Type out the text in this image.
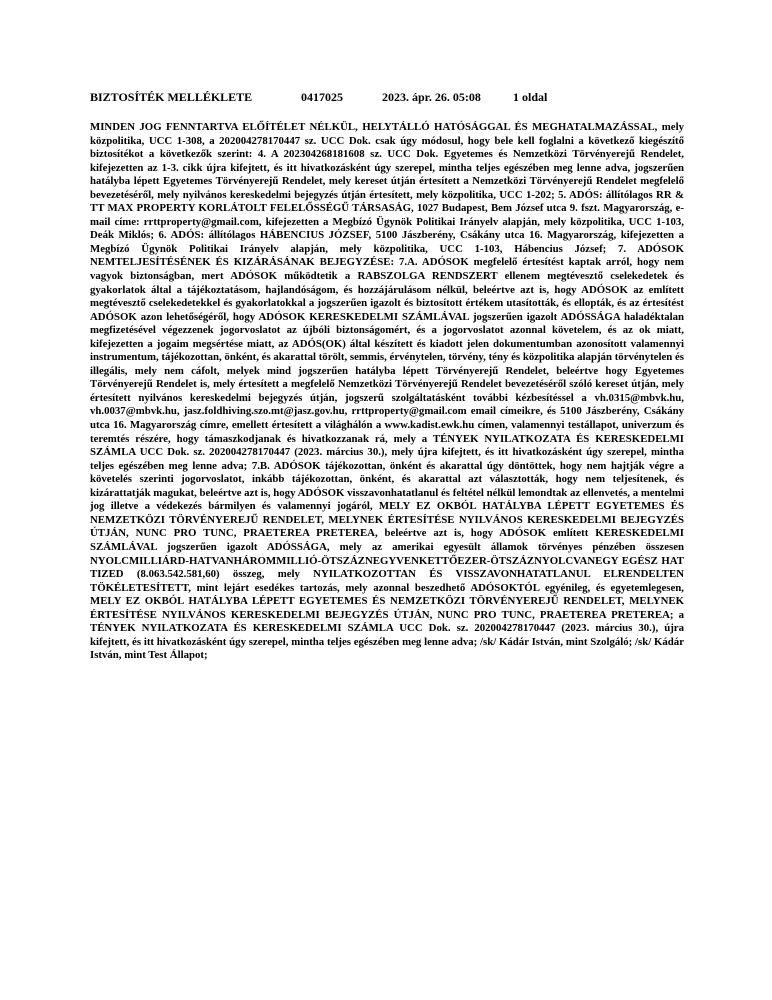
BIZTOSÍTÉK MELLÉKLETE	0417025	2023. ápr. 26. 05:08	1 oldal
MINDEN JOG FENNTARTVA ELŐÍTÉLET NÉLKÜL, HELYTÁLLÓ HATÓSÁGGAL ÉS MEGHATALMAZÁSSAL, mely közpolitika, UCC 1-308, a 202004278170447 sz. UCC Dok. csak úgy módosul, hogy bele kell foglalni a következő kiegészítő biztosítékot a következők szerint: 4. A 202304268181608 sz. UCC Dok. Egyetemes és Nemzetközi Törvényerejű Rendelet, kifejezetten az 1-3. cikk újra kifejtett, és itt hivatkozásként úgy szerepel, mintha teljes egészében meg lenne adva, jogszerűen hatályba lépett Egyetemes Törvényerejű Rendelet, mely kereset útján értesített a Nemzetközi Törvényerejű Rendelet megfelelő bevezetéséről, mely nyilvános kereskedelmi bejegyzés útján értesített, mely közpolitika, UCC 1-202; 5. ADÓS: állítólagos RR & TT MAX PROPERTY KORLÁTOLT FELELŐSSÉGŰ TÁRSASÁG, 1027 Budapest, Bem József utca 9. fszt. Magyarország, e-mail címe: rrttproperty@gmail.com, kifejezetten a Megbízó Ügynök Politikai Irányelv alapján, mely közpolitika, UCC 1-103, Deák Miklós; 6. ADÓS: állítólagos HÁBENCIUS JÓZSEF, 5100 Jászberény, Csákány utca 16. Magyarország, kifejezetten a Megbízó Ügynök Politikai Irányelv alapján, mely közpolitika, UCC 1-103, Hábencius József; 7. ADÓSOK NEMTELJESÍTÉSÉNEK ÉS KIZÁRÁSÁNAK BEJEGYZÉSE: 7.A. ADÓSOK megfelelő értesítést kaptak arról, hogy nem vagyok biztonságban, mert ADÓSOK működtetik a RABSZOLGA RENDSZERT ellenem megtévesztő cselekedetek és gyakorlatok által a tájékoztatásom, hajlandóságom, és hozzájárulásom nélkül, beleértve azt is, hogy ADÓSOK az említett megtévesztő cselekedetekkel és gyakorlatokkal a jogszerűen igazolt és biztosított értékem utasították, és ellopták, és az értesítést ADÓSOK azon lehetőségéről, hogy ADÓSOK KERESKEDELMI SZÁMLÁVAL jogszerűen igazolt ADÓSSÁGA haladéktalan megfizetésével végezzenek jogorvoslatot az újbóli biztonságomért, és a jogorvoslatot azonnal követelem, és az ok miatt, kifejezetten a jogaim megsértése miatt, az ADÓS(OK) által készített és kiadott jelen dokumentumban azonosított valamennyi instrumentum, tájékozottan, önként, és akarattal törölt, semmis, érvénytelen, törvény, tény és közpolitika alapján törvénytelen és illegális, mely nem cáfolt, melyek mind jogszerűen hatályba lépett Törvényerejű Rendelet, beleértve hogy Egyetemes Törvényerejű Rendelet is, mely értesített a megfelelő Nemzetközi Törvényerejű Rendelet bevezetéséről szóló kereset útján, mely értesített nyilvános kereskedelmi bejegyzés útján, jogszerű szolgáltatásként további kézbesítéssel a vh.0315@mbvk.hu, vh.0037@mbvk.hu, jasz.foldhiving.szo.mt@jasz.gov.hu, rrttproperty@gmail.com email címeikre, és 5100 Jászberény, Csákány utca 16. Magyarország címre, emellett értesített a világhálón a www.kadist.ewk.hu címen, valamennyi testállapot, univerzum és teremtés részére, hogy támaszkodjanak és hivatkozzanak rá, mely a TÉNYEK NYILATKOZATA ÉS KERESKEDELMI SZÁMLA UCC Dok. sz. 202004278170447 (2023. március 30.), mely újra kifejtett, és itt hivatkozásként úgy szerepel, mintha teljes egészében meg lenne adva; 7.B. ADÓSOK tájékozottan, önként és akarattal úgy döntöttek, hogy nem hajtják végre a követelés szerinti jogorvoslatot, inkább tájékozottan, önként, és akarattal azt választották, hogy nem teljesítenek, és kizárattatják magukat, beleértve azt is, hogy ADÓSOK visszavonhatatlanul és feltétel nélkül lemondtak az ellenvetés, a mentelmi jog illetve a védekezés bármilyen és valamennyi jogáról, MELY EZ OKBÓL HATÁLYBA LÉPETT EGYETEMES ÉS NEMZETKÖZI TÖRVÉNYEREJŰ RENDELET, MELYNEK ÉRTESÍTÉSE NYILVÁNOS KERESKEDELMI BEJEGYZÉS ÚTJÁN, NUNC PRO TUNC, PRAETEREA PRETEREA, beleértve azt is, hogy ADÓSOK említett KERESKEDELMI SZÁMLÁVAL jogszerűen igazolt ADÓSSÁGA, mely az amerikai egyesült államok törvényes pénzében összesen NYOLCMILLIÁRD-HATVANHÁROMMILLIÓ-ÖTSZÁZNEGYVENKETTŐEZER-ÖTSZÁZNYOLCVANEGY EGÉSZ HAT TIZED (8.063.542.581,60) összeg, mely NYILATKOZOTTAN ÉS VISSZAVONHATATLANUL ELRENDELTEN TÖKÉLETESÍTETT, mint lejárt esedékes tartozás, mely azonnal beszedhető ADÓSOKTÓL egyénileg, és egyetemlegesen, MELY EZ OKBÓL HATÁLYBA LÉPETT EGYETEMES ÉS NEMZETKÖZI TÖRVÉNYEREJŰ RENDELET, MELYNEK ÉRTESÍTÉSE NYILVÁNOS KERESKEDELMI BEJEGYZÉS ÚTJÁN, NUNC PRO TUNC, PRAETEREA PRETEREA; a TÉNYEK NYILATKOZATA ÉS KERESKEDELMI SZÁMLA UCC Dok. sz. 202004278170447 (2023. március 30.), újra kifejtett, és itt hivatkozásként úgy szerepel, mintha teljes egészében meg lenne adva; /sk/ Kádár István, mint Szolgáló; /sk/ Kádár István, mint Test Állapot;
